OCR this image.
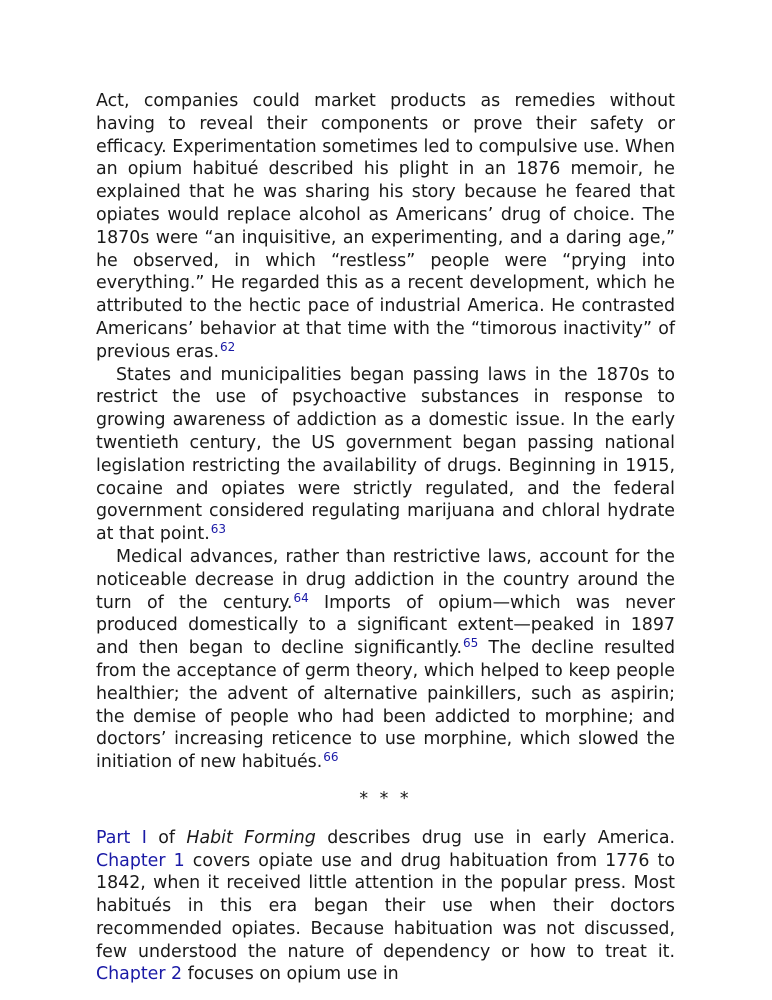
Act, companies could market products as remedies without having to reveal their components or prove their safety or efficacy. Experimentation sometimes led to compulsive use. When an opium habitué described his plight in an 1876 memoir, he explained that he was sharing his story because he feared that opiates would replace alcohol as Americans’ drug of choice. The 1870s were “an inquisitive, an experimenting, and a daring age,” he observed, in which “restless” people were “prying into everything.” He regarded this as a recent development, which he attributed to the hectic pace of industrial America. He contrasted Americans’ behavior at that time with the “timorous inactivity” of previous eras.$^{62}$

States and municipalities began passing laws in the 1870s to restrict the use of psychoactive substances in response to growing awareness of addiction as a domestic issue. In the early twentieth century, the US government began passing national legislation restricting the availability of drugs. Beginning in 1915, cocaine and opiates were strictly regulated, and the federal government considered regulating marijuana and chloral hydrate at that point.$^{63}$

Medical advances, rather than restrictive laws, account for the noticeable decrease in drug addiction in the country around the turn of the century.$^{64}$ Imports of opium—which was never produced domestically to a significant extent—peaked in 1897 and then began to decline significantly.$^{65}$ The decline resulted from the acceptance of germ theory, which helped to keep people healthier; the advent of alternative painkillers, such as aspirin; the demise of people who had been addicted to morphine; and doctors’ increasing reticence to use morphine, which slowed the initiation of new habitués.$^{66}$

* * *

Part I of Habit Forming describes drug use in early America. Chapter 1 covers opiate use and drug habituation from 1776 to 1842, when it received little attention in the popular press. Most habitués in this era began their use when their doctors recommended opiates. Because habituation was not discussed, few understood the nature of dependency or how to treat it. Chapter 2 focuses on opium use in
